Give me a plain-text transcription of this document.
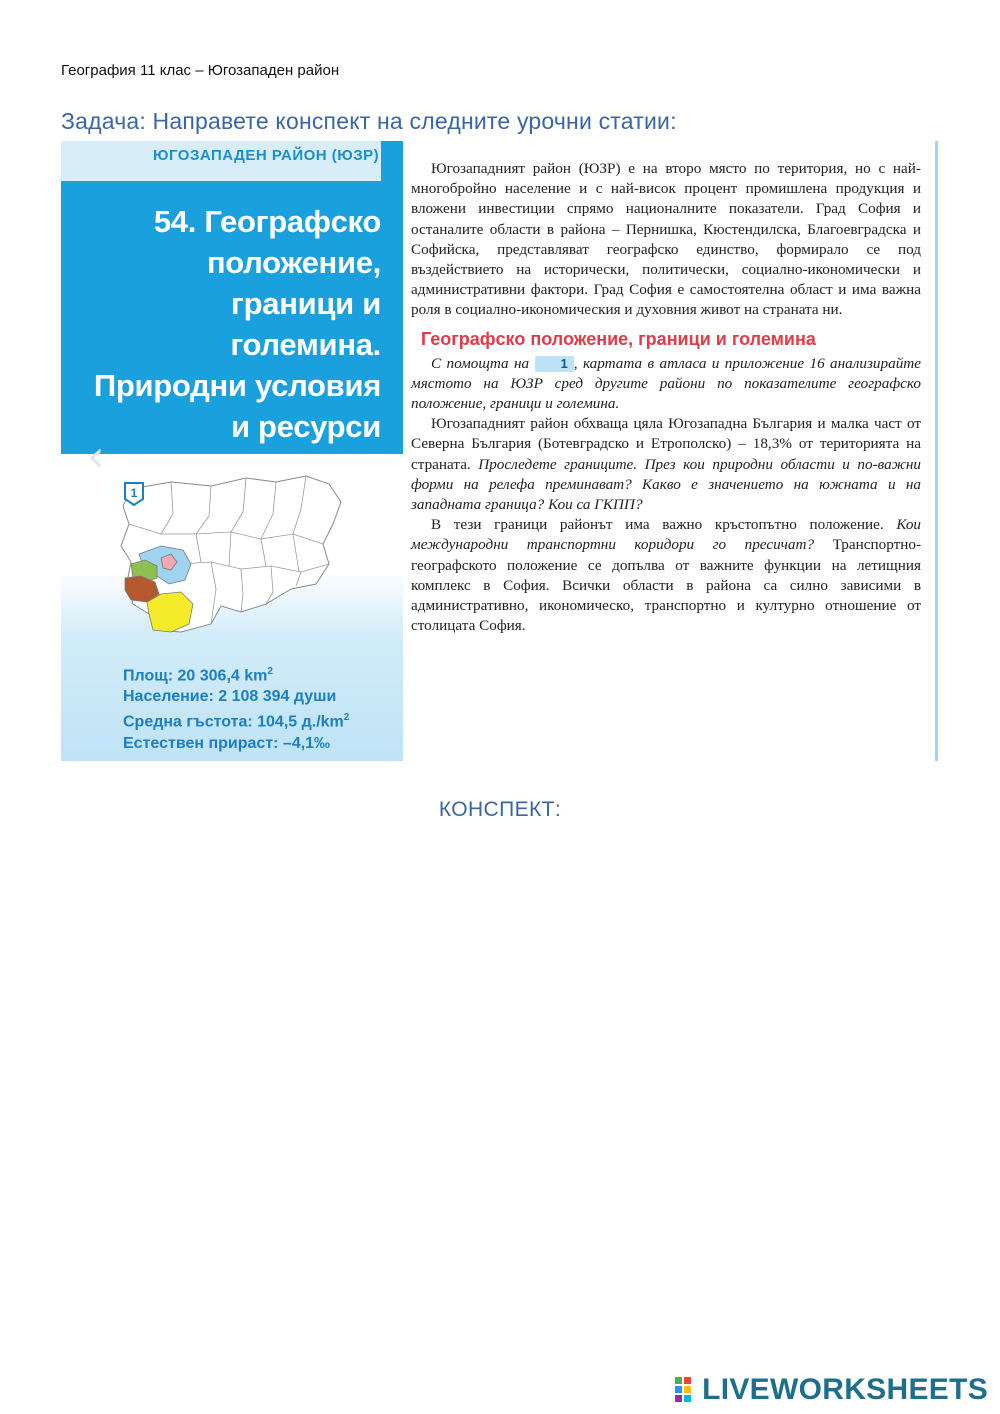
География 11 клас – Югозападен район
Задача: Направете конспект на следните урочни статии:
ЮГОЗАПАДЕН РАЙОН (ЮЗР)
54. Географско
положение,
граници и
големина.
Природни условия
и ресурси
‹
1
Площ: 20 306,4 $km^2$
Население: 2 108 394 души
Средна гъстота: 104,5 $д./km^2$
Естествен прираст: –4,1‰

Югозападният район (ЮЗР) е на второ място по територия, но с най-многобройно население и с най-висок процент промишлена продукция и вложени инвестиции спрямо националните показатели. Град София и останалите области в района – Пернишка, Кюстендилска, Благоевградска и Софийска, представляват географско единство, формирало се под въздействието на исторически, политически, социално-икономически и административни фактори. Град София е самостоятелна област и има важна роля в социално-икономическия и духовния живот на страната ни.

Географско положение, граници и големина

С помощта на 1 , картата в атласа и приложение 16 анализирайте мястото на ЮЗР сред другите райони по показателите географско положение, граници и големина.

Югозападният район обхваща цяла Югозападна България и малка част от Северна България (Ботевградско и Етрополско) – 18,3% от територията на страната. Проследете границите. През кои природни области и по-важни форми на релефа преминават? Какво е значението на южната и на западната граница? Кои са ГКПП?

В тези граници районът има важно кръстопътно положение. Кои международни транспортни коридори го пресичат? Транспортно-географското положение се допълва от важните функции на летищния комплекс в София. Всички области в района са силно зависими в административно, икономическо, транспортно и културно отношение от столицата София.

КОНСПЕКТ:
LIVEWORKSHEETS
